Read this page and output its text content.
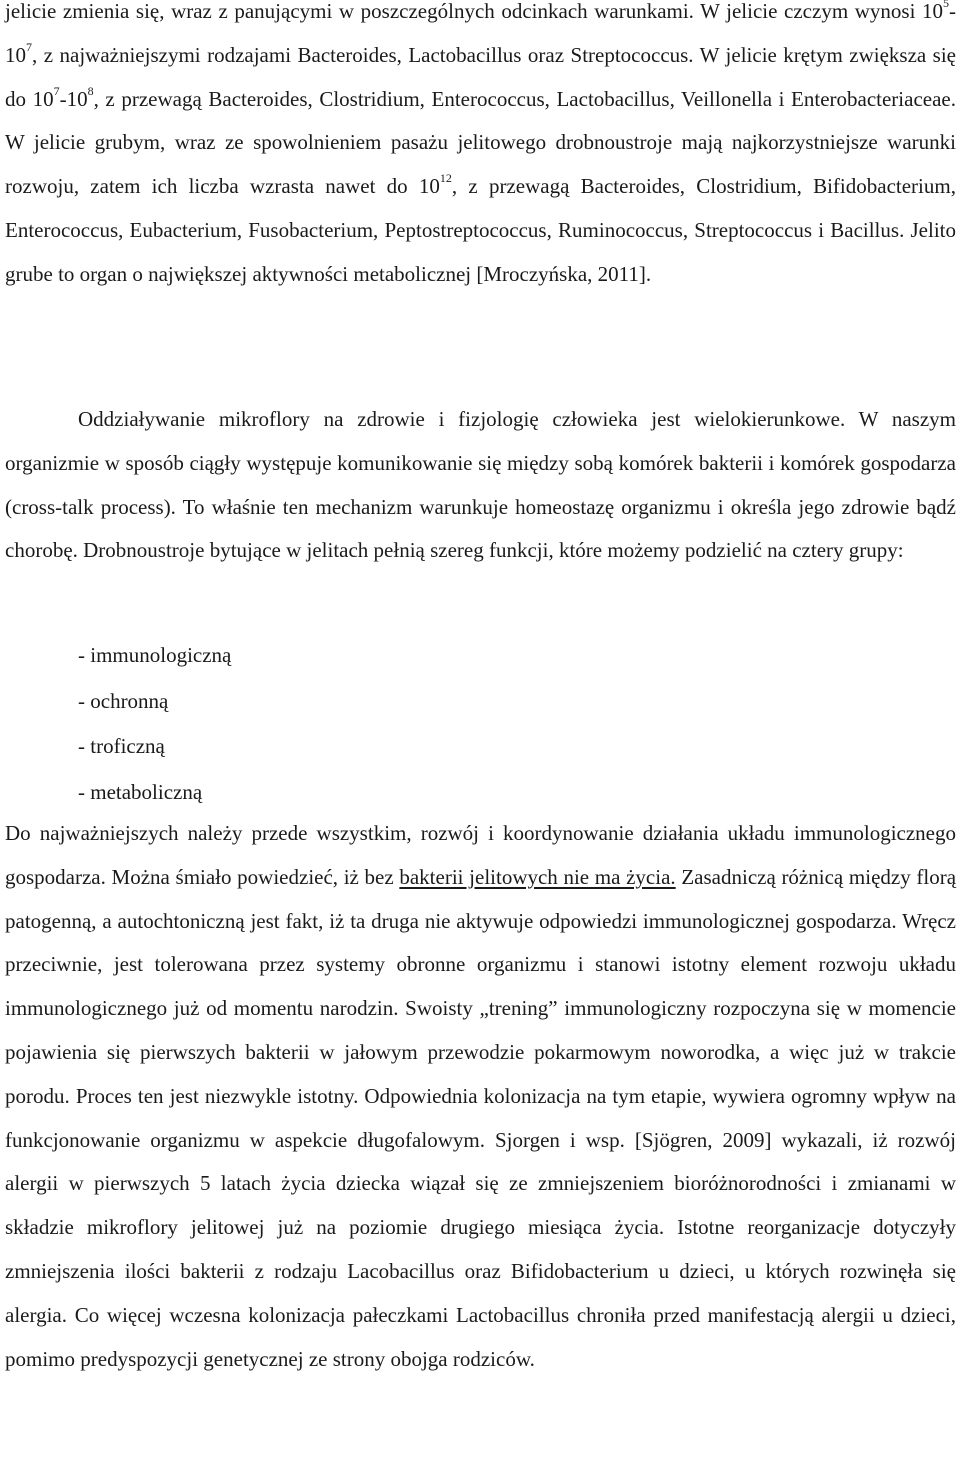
jelicie zmienia się, wraz z panującymi w poszczególnych odcinkach warunkami. W jelicie czczym wynosi $10^5-10^7$, z najważniejszymi rodzajami Bacteroides, Lactobacillus oraz Streptococcus. W jelicie krętym zwiększa się do $10^7-10^8$, z przewagą Bacteroides, Clostridium, Enterococcus, Lactobacillus, Veillonella i Enterobacteriaceae. W jelicie grubym, wraz ze spowolnieniem pasażu jelitowego drobnoustroje mają najkorzystniejsze warunki rozwoju, zatem ich liczba wzrasta nawet do $10^{12}$, z przewagą Bacteroides, Clostridium, Bifidobacterium, Enterococcus, Eubacterium, Fusobacterium, Peptostreptococcus, Ruminococcus, Streptococcus i Bacillus. Jelito grube to organ o największej aktywności metabolicznej [Mroczyńska, 2011].

Oddziaływanie mikroflory na zdrowie i fizjologię człowieka jest wielokierunkowe. W naszym organizmie w sposób ciągły występuje komunikowanie się między sobą komórek bakterii i komórek gospodarza (cross-talk process). To właśnie ten mechanizm warunkuje homeostazę organizmu i określa jego zdrowie bądź chorobę. Drobnoustroje bytujące w jelitach pełnią szereg funkcji, które możemy podzielić na cztery grupy:

- immunologiczną
- ochronną
- troficzną
- metaboliczną

Do najważniejszych należy przede wszystkim, rozwój i koordynowanie działania układu immunologicznego gospodarza. Można śmiało powiedzieć, iż bez bakterii jelitowych nie ma życia. Zasadniczą różnicą między florą patogenną, a autochtoniczną jest fakt, iż ta druga nie aktywuje odpowiedzi immunologicznej gospodarza. Wręcz przeciwnie, jest tolerowana przez systemy obronne organizmu i stanowi istotny element rozwoju układu immunologicznego już od momentu narodzin. Swoisty „trening” immunologiczny rozpoczyna się w momencie pojawienia się pierwszych bakterii w jałowym przewodzie pokarmowym noworodka, a więc już w trakcie porodu. Proces ten jest niezwykle istotny. Odpowiednia kolonizacja na tym etapie, wywiera ogromny wpływ na funkcjonowanie organizmu w aspekcie długofalowym. Sjorgen i wsp. [Sjögren, 2009] wykazali, iż rozwój alergii w pierwszych 5 latach życia dziecka wiązał się ze zmniejszeniem bioróżnorodności i zmianami w składzie mikroflory jelitowej już na poziomie drugiego miesiąca życia. Istotne reorganizacje dotyczyły zmniejszenia ilości bakterii z rodzaju Lacobacillus oraz Bifidobacterium u dzieci, u których rozwinęła się alergia. Co więcej wczesna kolonizacja pałeczkami Lactobacillus chroniła przed manifestacją alergii u dzieci, pomimo predyspozycji genetycznej ze strony obojga rodziców.
